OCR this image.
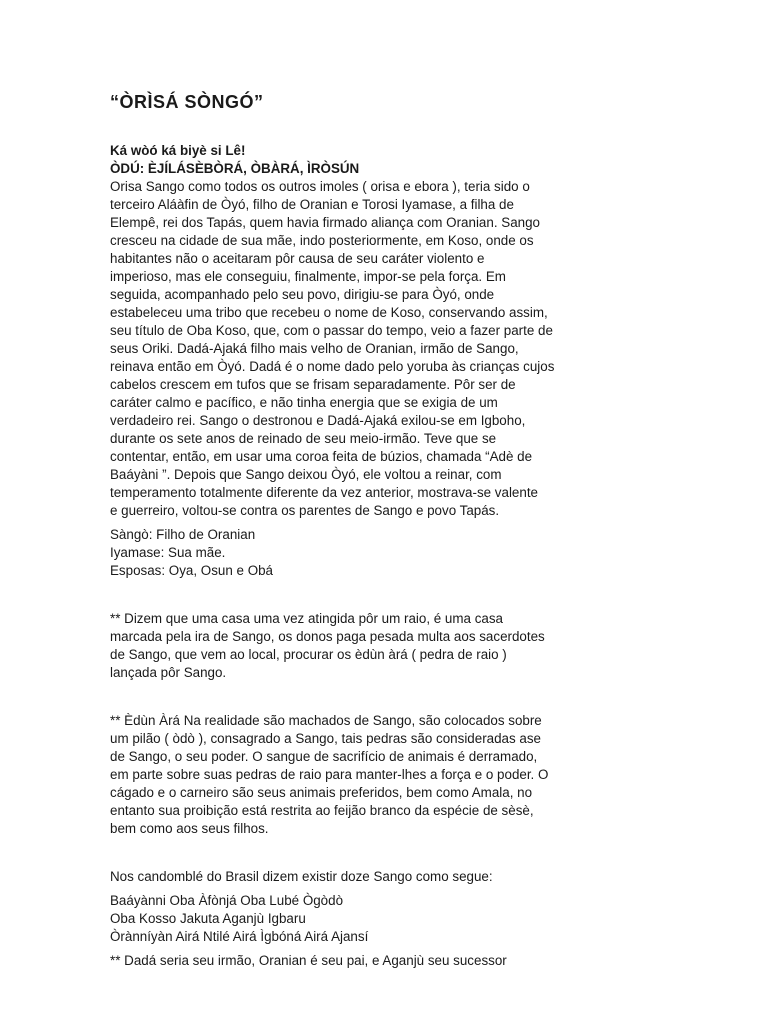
“ÒRÌSÁ SÒNGÓ”

Ká wòó ká biyè si Lê!

ÒDÚ: ÈJÍLÁSÈBÒRÁ, ÒBÀRÁ, ÌRÒSÚN

Orisa Sango como todos os outros imoles ( orisa e ebora ), teria sido o
terceiro Aláàfin de Òyó, filho de Oranian e Torosi Iyamase, a filha de
Elempê, rei dos Tapás, quem havia firmado aliança com Oranian. Sango
cresceu na cidade de sua mãe, indo posteriormente, em Koso, onde os
habitantes não o aceitaram pôr causa de seu caráter violento e
imperioso, mas ele conseguiu, finalmente, impor-se pela força. Em
seguida, acompanhado pelo seu povo, dirigiu-se para Òyó, onde
estabeleceu uma tribo que recebeu o nome de Koso, conservando assim,
seu título de Oba Koso, que, com o passar do tempo, veio a fazer parte de
seus Oriki. Dadá-Ajaká filho mais velho de Oranian, irmão de Sango,
reinava então em Òyó. Dadá é o nome dado pelo yoruba às crianças cujos
cabelos crescem em tufos que se frisam separadamente. Pôr ser de
caráter calmo e pacífico, e não tinha energia que se exigia de um
verdadeiro rei. Sango o destronou e Dadá-Ajaká exilou-se em Igboho,
durante os sete anos de reinado de seu meio-irmão. Teve que se
contentar, então, em usar uma coroa feita de búzios, chamada “Adè de
Baáyàni ”. Depois que Sango deixou Òyó, ele voltou a reinar, com
temperamento totalmente diferente da vez anterior, mostrava-se valente
e guerreiro, voltou-se contra os parentes de Sango e povo Tapás.
Sàngò: Filho de Oranian
Iyamase: Sua mãe.
Esposas: Oya, Osun e Obá
** Dizem que uma casa uma vez atingida pôr um raio, é uma casa
marcada pela ira de Sango, os donos paga pesada multa aos sacerdotes
de Sango, que vem ao local, procurar os èdùn àrá ( pedra de raio )
lançada pôr Sango.
** Èdùn Àrá Na realidade são machados de Sango, são colocados sobre
um pilão ( òdò ), consagrado a Sango, tais pedras são consideradas ase
de Sango, o seu poder. O sangue de sacrifício de animais é derramado,
em parte sobre suas pedras de raio para manter-lhes a força e o poder. O
cágado e o carneiro são seus animais preferidos, bem como Amala, no
entanto sua proibição está restrita ao feijão branco da espécie de sèsè,
bem como aos seus filhos.

Nos candomblé do Brasil dizem existir doze Sango como segue:

Baáyànni Oba Àfònjá Oba Lubé Ògòdò
Oba Kosso Jakuta Aganjù Igbaru
Òrànníyàn Airá Ntilé Airá Ìgbóná Airá Ajansí

** Dadá seria seu irmão, Oranian é seu pai, e Aganjù seu sucessor
